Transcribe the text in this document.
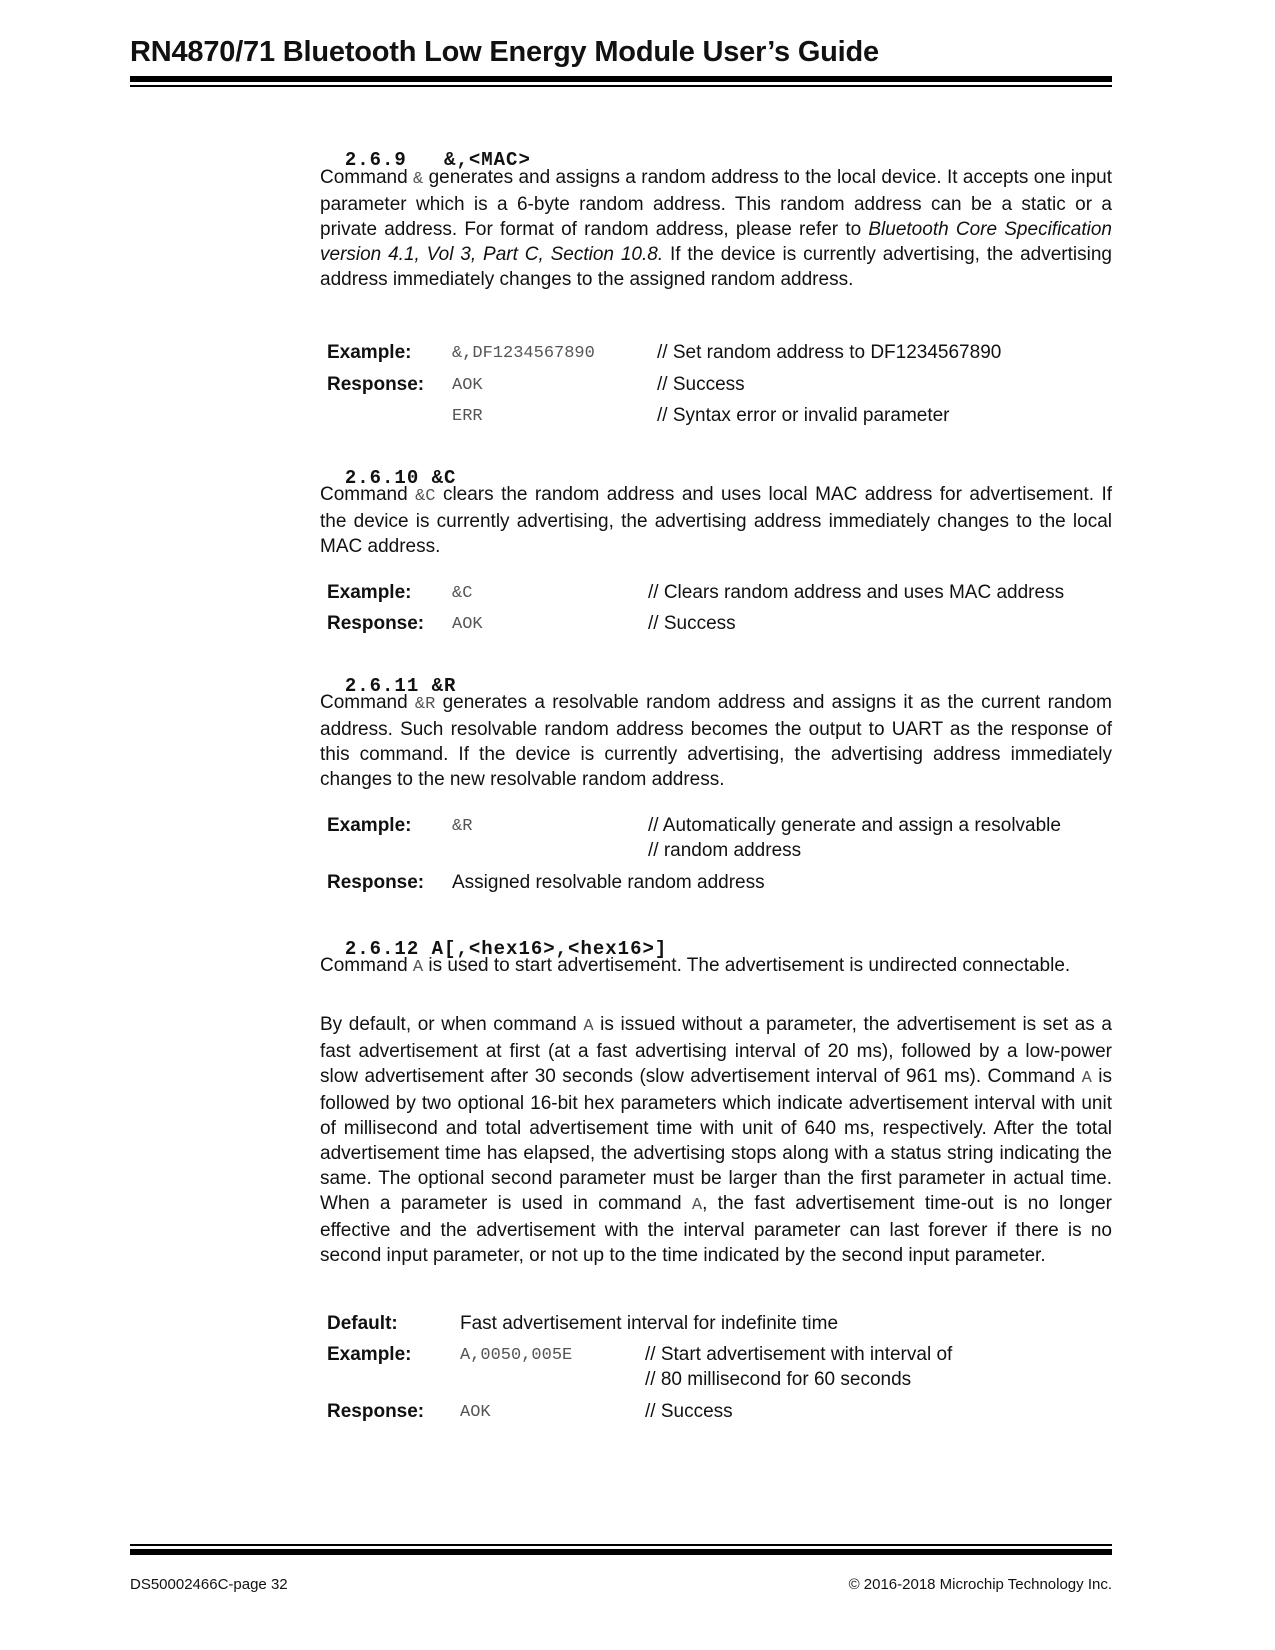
RN4870/71 Bluetooth Low Energy Module User’s Guide

2.6.9 &,<MAC>

Command & generates and assigns a random address to the local device. It accepts one input parameter which is a 6-byte random address. This random address can be a static or a private address. For format of random address, please refer to Bluetooth Core Specification version 4.1, Vol 3, Part C, Section 10.8. If the device is currently advertising, the advertising address immediately changes to the assigned random address.
Example: &,DF1234567890	// Set random address to DF1234567890
Response: AOK	// Success
ERR	// Syntax error or invalid parameter

2.6.10 &C

Command &C clears the random address and uses local MAC address for advertisement. If the device is currently advertising, the advertising address immediately changes to the local MAC address.
Example: &C	// Clears random address and uses MAC address
Response: AOK	// Success

2.6.11 &R

Command &R generates a resolvable random address and assigns it as the current random address. Such resolvable random address becomes the output to UART as the response of this command. If the device is currently advertising, the advertising address immediately changes to the new resolvable random address.
Example: &R	// Automatically generate and assign a resolvable
// random address
Response: Assigned resolvable random address

2.6.12 A[,<hex16>,<hex16>]

Command A is used to start advertisement. The advertisement is undirected connectable.
By default, or when command A is issued without a parameter, the advertisement is set as a fast advertisement at first (at a fast advertising interval of 20 ms), followed by a low-power slow advertisement after 30 seconds (slow advertisement interval of 961 ms). Command A is followed by two optional 16-bit hex parameters which indicate advertisement interval with unit of millisecond and total advertisement time with unit of 640 ms, respectively. After the total advertisement time has elapsed, the advertising stops along with a status string indicating the same. The optional second parameter must be larger than the first parameter in actual time. When a parameter is used in command A, the fast advertisement time-out is no longer effective and the advertisement with the interval parameter can last forever if there is no second input parameter, or not up to the time indicated by the second input parameter.
Default:	Fast advertisement interval for indefinite time
Example:	A,0050,005E	// Start advertisement with interval of
// 80 millisecond for 60 seconds
Response: AOK	// Success
DS50002466C-page 32	© 2016-2018 Microchip Technology Inc.
